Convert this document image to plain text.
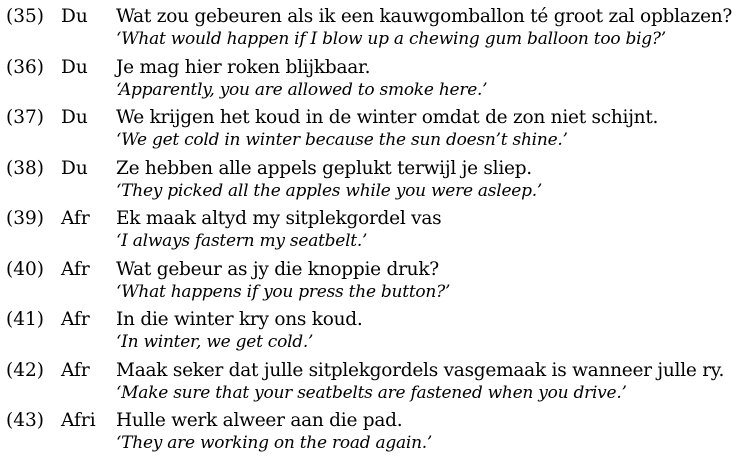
(35) Du Wat zou gebeuren als ik een kauwgomballon té groot zal opblazen?
‘What would happen if I blow up a chewing gum balloon too big?’
(36) Du Je mag hier roken blijkbaar.
‘Apparently, you are allowed to smoke here.’
(37) Du We krijgen het koud in de winter omdat de zon niet schijnt.
‘We get cold in winter because the sun doesn’t shine.’
(38) Du Ze hebben alle appels geplukt terwijl je sliep.
‘They picked all the apples while you were asleep.’
(39) Afr Ek maak altyd my sitplekgordel vas
‘I always fastern my seatbelt.’
(40) Afr Wat gebeur as jy die knoppie druk?
‘What happens if you press the button?’
(41) Afr In die winter kry ons koud.
‘In winter, we get cold.’
(42) Afr Maak seker dat julle sitplekgordels vasgemaak is wanneer julle ry.
‘Make sure that your seatbelts are fastened when you drive.’
(43) Afri Hulle werk alweer aan die pad.
‘They are working on the road again.’
